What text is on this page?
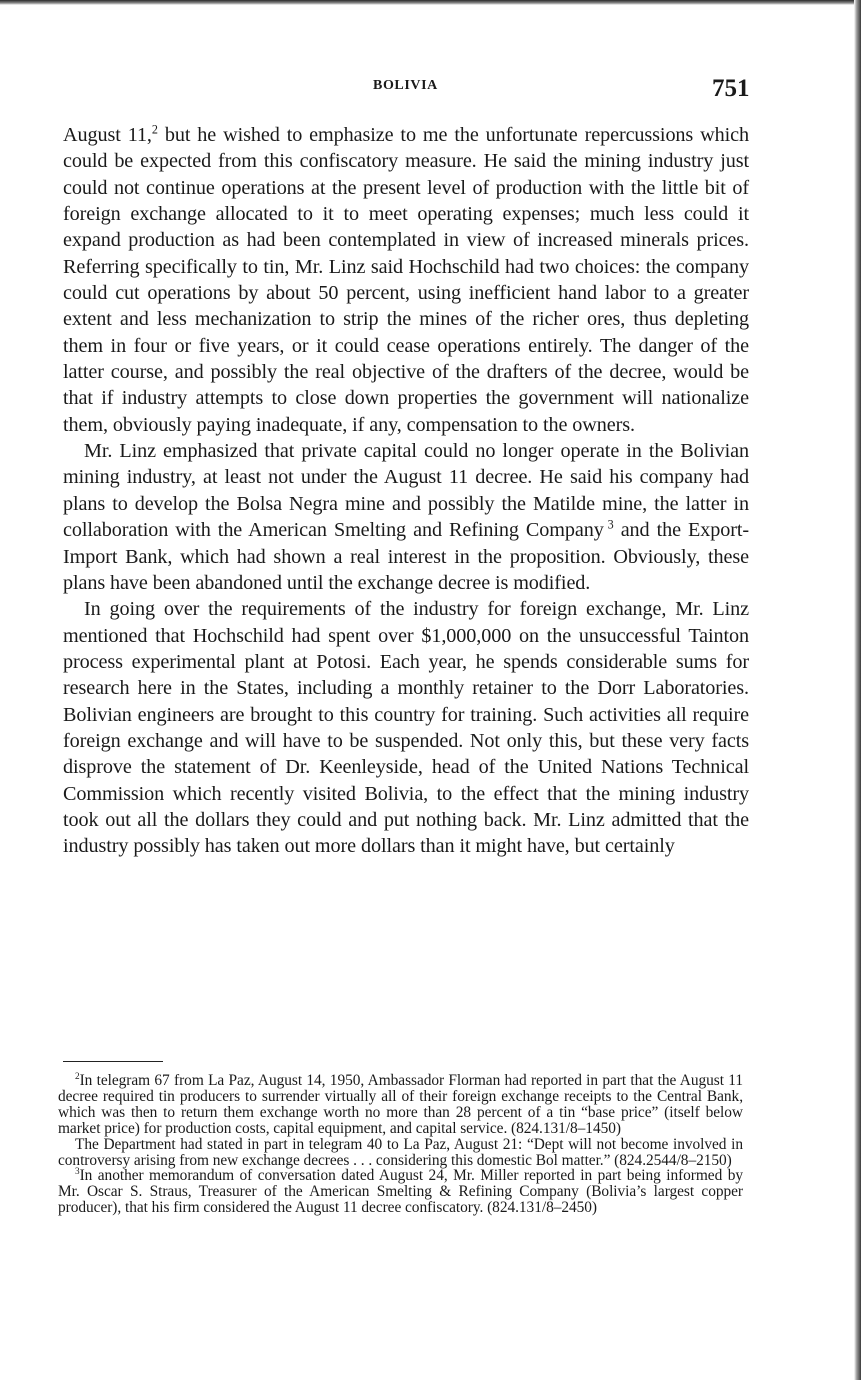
BOLIVIA	751

August 11,$^2$ but he wished to emphasize to me the unfortunate repercussions which could be expected from this confiscatory measure. He said the mining industry just could not continue operations at the present level of production with the little bit of foreign exchange allocated to it to meet operating expenses; much less could it expand production as had been contemplated in view of increased minerals prices. Referring specifically to tin, Mr. Linz said Hochschild had two choices: the company could cut operations by about 50 percent, using inefficient hand labor to a greater extent and less mechanization to strip the mines of the richer ores, thus depleting them in four or five years, or it could cease operations entirely. The danger of the latter course, and possibly the real objective of the drafters of the decree, would be that if industry attempts to close down properties the government will nationalize them, obviously paying inadequate, if any, compensation to the owners.

Mr. Linz emphasized that private capital could no longer operate in the Bolivian mining industry, at least not under the August 11 decree. He said his company had plans to develop the Bolsa Negra mine and possibly the Matilde mine, the latter in collaboration with the American Smelting and Refining Company  $^3$ and the Export-Import Bank, which had shown a real interest in the proposition. Obviously, these plans have been abandoned until the exchange decree is modified.

In going over the requirements of the industry for foreign exchange, Mr. Linz mentioned that Hochschild had spent over $1,000,000 on the unsuccessful Tainton process experimental plant at Potosi. Each year, he spends considerable sums for research here in the States, including a monthly retainer to the Dorr Laboratories. Bolivian engineers are brought to this country for training. Such activities all require foreign exchange and will have to be suspended. Not only this, but these very facts disprove the statement of Dr. Keenleyside, head of the United Nations Technical Commission which recently visited Bolivia, to the effect that the mining industry took out all the dollars they could and put nothing back. Mr. Linz admitted that the industry possibly has taken out more dollars than it might have, but certainly

$^2$In telegram 67 from La Paz, August 14, 1950, Ambassador Florman had reported in part that the August 11 decree required tin producers to surrender virtually all of their foreign exchange receipts to the Central Bank, which was then to return them exchange worth no more than 28 percent of a tin “base price” (itself below market price) for production costs, capital equipment, and capital service. (824.131/8–1450)

The Department had stated in part in telegram 40 to La Paz, August 21: “Dept will not become involved in controversy arising from new exchange decrees . . . considering this domestic Bol matter.” (824.2544/8–2150)

$^3$In another memorandum of conversation dated August 24, Mr. Miller reported in part being informed by Mr. Oscar S. Straus, Treasurer of the American Smelting & Refining Company (Bolivia’s largest copper producer), that his firm considered the August 11 decree confiscatory. (824.131/8–2450)
